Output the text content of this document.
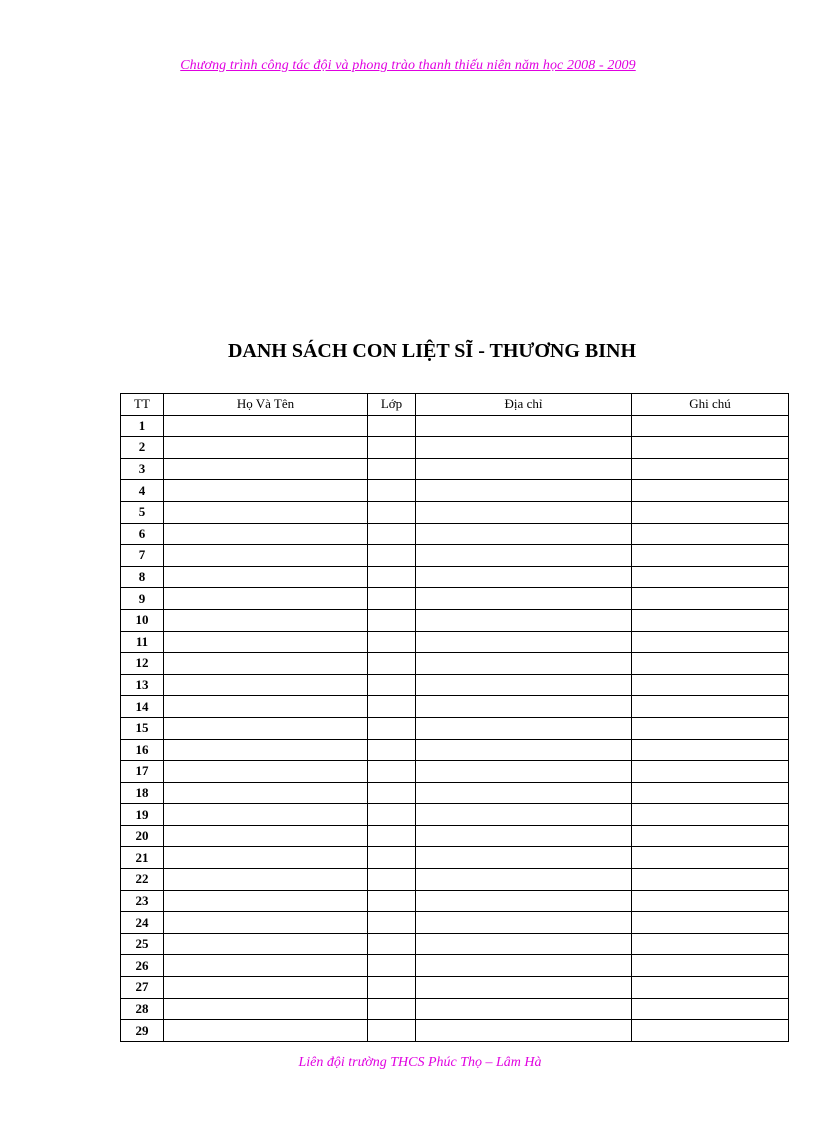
Chương trình công tác đội và phong trào thanh thiếu niên năm học 2008 - 2009
DANH SÁCH CON LIỆT SĨ - THƯƠNG BINH
TT	Họ Và Tên	Lớp	Địa chỉ	Ghi chú
1				
2				
3				
4				
5				
6				
7				
8				
9				
10				
11				
12				
13				
14				
15				
16				
17				
18				
19				
20				
21				
22				
23				
24				
25				
26				
27				
28				
29				
Liên đội trường THCS Phúc Thọ – Lâm Hà
